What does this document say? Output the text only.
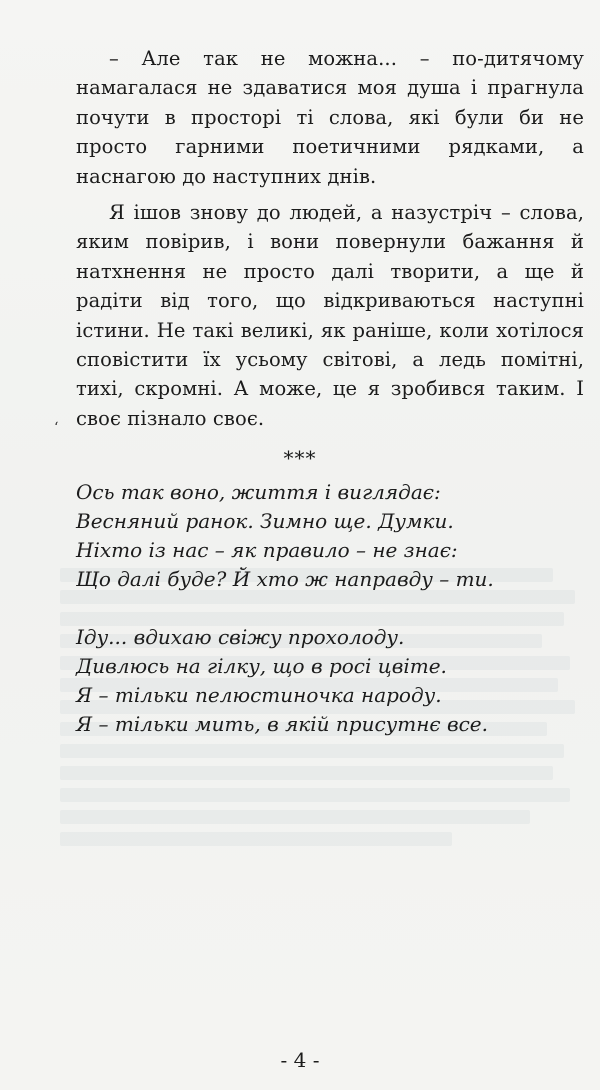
– Але так не можна... – по-дитячому намагалася не здаватися моя душа і прагнула почути в просторі ті слова, які були би не просто гарними поетичними рядками, а наснагою до наступних днів.

Я ішов знову до людей, а назустріч – слова, яким повірив, і вони повернули бажання й натхнення не просто далі творити, а ще й радіти від того, що відкриваються наступні істини. Не такі великі, як раніше, коли хотілося сповістити їх усьому світові, а ледь помітні, тихі, скромні. А може, це я зробився таким. І своє пізнало своє.

‘
***
Ось так воно, життя і виглядає:
Весняний ранок. Зимно ще. Думки.
Ніхто із нас – як правило – не знає:
Що далі буде? Й хто ж направду – ти.
Іду... вдихаю свіжу прохолоду.
Дивлюсь на гілку, що в росі цвіте.
Я – тільки пелюстиночка народу.
Я – тільки мить, в якій присутнє все.
- 4 -
